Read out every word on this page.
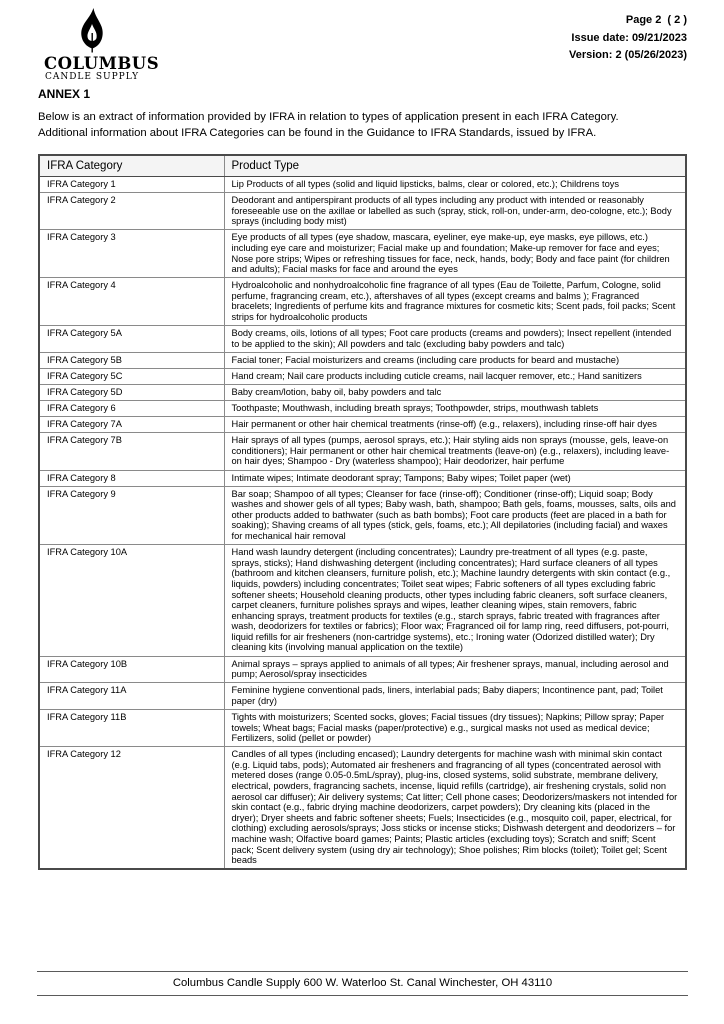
COLUMBUS
CANDLE SUPPLY
Page 2  ( 2 )
Issue date: 09/21/2023
Version: 2 (05/26/2023)
ANNEX 1
Below is an extract of information provided by IFRA in relation to types of application present in each IFRA Category.
Additional information about IFRA Categories can be found in the Guidance to IFRA Standards, issued by IFRA.
IFRA Category	Product Type
IFRA Category 1	Lip Products of all types (solid and liquid lipsticks, balms, clear or colored, etc.); Childrens toys
IFRA Category 2	Deodorant and antiperspirant products of all types including any product with intended or reasonably foreseeable use on the axillae or labelled as such (spray, stick, roll-on, under-arm, deo-cologne, etc.); Body sprays (including body mist)
IFRA Category 3	Eye products of all types (eye shadow, mascara, eyeliner, eye make-up, eye masks, eye pillows, etc.) including eye care and moisturizer; Facial make up and foundation; Make-up remover for face and eyes; Nose pore strips; Wipes or refreshing tissues for face, neck, hands, body; Body and face paint (for children and adults); Facial masks for face and around the eyes
IFRA Category 4	Hydroalcoholic and nonhydroalcoholic fine fragrance of all types (Eau de Toilette, Parfum, Cologne, solid perfume, fragrancing cream, etc.), aftershaves of all types (except creams and balms ); Fragranced bracelets; Ingredients of perfume kits and fragrance mixtures for cosmetic kits; Scent pads, foil packs; Scent strips for hydroalcoholic products
IFRA Category 5A	Body creams, oils, lotions of all types; Foot care products (creams and powders); Insect repellent (intended to be applied to the skin); All powders and talc (excluding baby powders and talc)
IFRA Category 5B	Facial toner; Facial moisturizers and creams (including care products for beard and mustache)
IFRA Category 5C	Hand cream; Nail care products including cuticle creams, nail lacquer remover, etc.; Hand sanitizers
IFRA Category 5D	Baby cream/lotion, baby oil, baby powders and talc
IFRA Category 6	Toothpaste; Mouthwash, including breath sprays; Toothpowder, strips, mouthwash tablets
IFRA Category 7A	Hair permanent or other hair chemical treatments (rinse-off) (e.g., relaxers), including rinse-off hair dyes
IFRA Category 7B	Hair sprays of all types (pumps, aerosol sprays, etc.); Hair styling aids non sprays (mousse, gels, leave-on conditioners); Hair permanent or other hair chemical treatments (leave-on) (e.g., relaxers), including leave-on hair dyes; Shampoo - Dry (waterless shampoo); Hair deodorizer, hair perfume
IFRA Category 8	Intimate wipes; Intimate deodorant spray; Tampons; Baby wipes; Toilet paper (wet)
IFRA Category 9	Bar soap; Shampoo of all types; Cleanser for face (rinse-off); Conditioner (rinse-off); Liquid soap; Body washes and shower gels of all types; Baby wash, bath, shampoo; Bath gels, foams, mousses, salts, oils and other products added to bathwater (such as bath bombs); Foot care products (feet are placed in a bath for soaking); Shaving creams of all types (stick, gels, foams, etc.); All depilatories (including facial) and waxes for mechanical hair removal
IFRA Category 10A	Hand wash laundry detergent (including concentrates); Laundry pre-treatment of all types (e.g. paste, sprays, sticks); Hand dishwashing detergent (including concentrates); Hard surface cleaners of all types (bathroom and kitchen cleansers, furniture polish, etc.); Machine laundry detergents with skin contact (e.g., liquids, powders) including concentrates; Toilet seat wipes; Fabric softeners of all types excluding fabric softener sheets; Household cleaning products, other types including fabric cleaners, soft surface cleaners, carpet cleaners, furniture polishes sprays and wipes, leather cleaning wipes, stain removers, fabric enhancing sprays, treatment products for textiles (e.g., starch sprays, fabric treated with fragrances after wash, deodorizers for textiles or fabrics); Floor wax; Fragranced oil for lamp ring, reed diffusers, pot-pourri, liquid refills for air fresheners (non-cartridge systems), etc.; Ironing water (Odorized distilled water); Dry cleaning kits (involving manual application on the textile)
IFRA Category 10B	Animal sprays – sprays applied to animals of all types; Air freshener sprays, manual, including aerosol and pump; Aerosol/spray insecticides
IFRA Category 11A	Feminine hygiene conventional pads, liners, interlabial pads; Baby diapers; Incontinence pant, pad; Toilet paper (dry)
IFRA Category 11B	Tights with moisturizers; Scented socks, gloves; Facial tissues (dry tissues); Napkins; Pillow spray; Paper towels; Wheat bags; Facial masks (paper/protective) e.g., surgical masks not used as medical device; Fertilizers, solid (pellet or powder)
IFRA Category 12	Candles of all types (including encased); Laundry detergents for machine wash with minimal skin contact (e.g. Liquid tabs, pods); Automated air fresheners and fragrancing of all types (concentrated aerosol with metered doses (range 0.05-0.5mL/spray), plug-ins, closed systems, solid substrate, membrane delivery, electrical, powders, fragrancing sachets, incense, liquid refills (cartridge), air freshening crystals, solid non aerosol car diffuser); Air delivery systems; Cat litter; Cell phone cases; Deodorizers/maskers not intended for skin contact (e.g., fabric drying machine deodorizers, carpet powders); Dry cleaning kits (placed in the dryer); Dryer sheets and fabric softener sheets; Fuels; Insecticides (e.g., mosquito coil, paper, electrical, for clothing) excluding aerosols/sprays; Joss sticks or incense sticks; Dishwash detergent and deodorizers – for machine wash; Olfactive board games; Paints; Plastic articles (excluding toys); Scratch and sniff; Scent pack; Scent delivery system (using dry air technology); Shoe polishes; Rim blocks (toilet); Toilet gel; Scent beads
Columbus Candle Supply 600 W. Waterloo St. Canal Winchester, OH 43110
